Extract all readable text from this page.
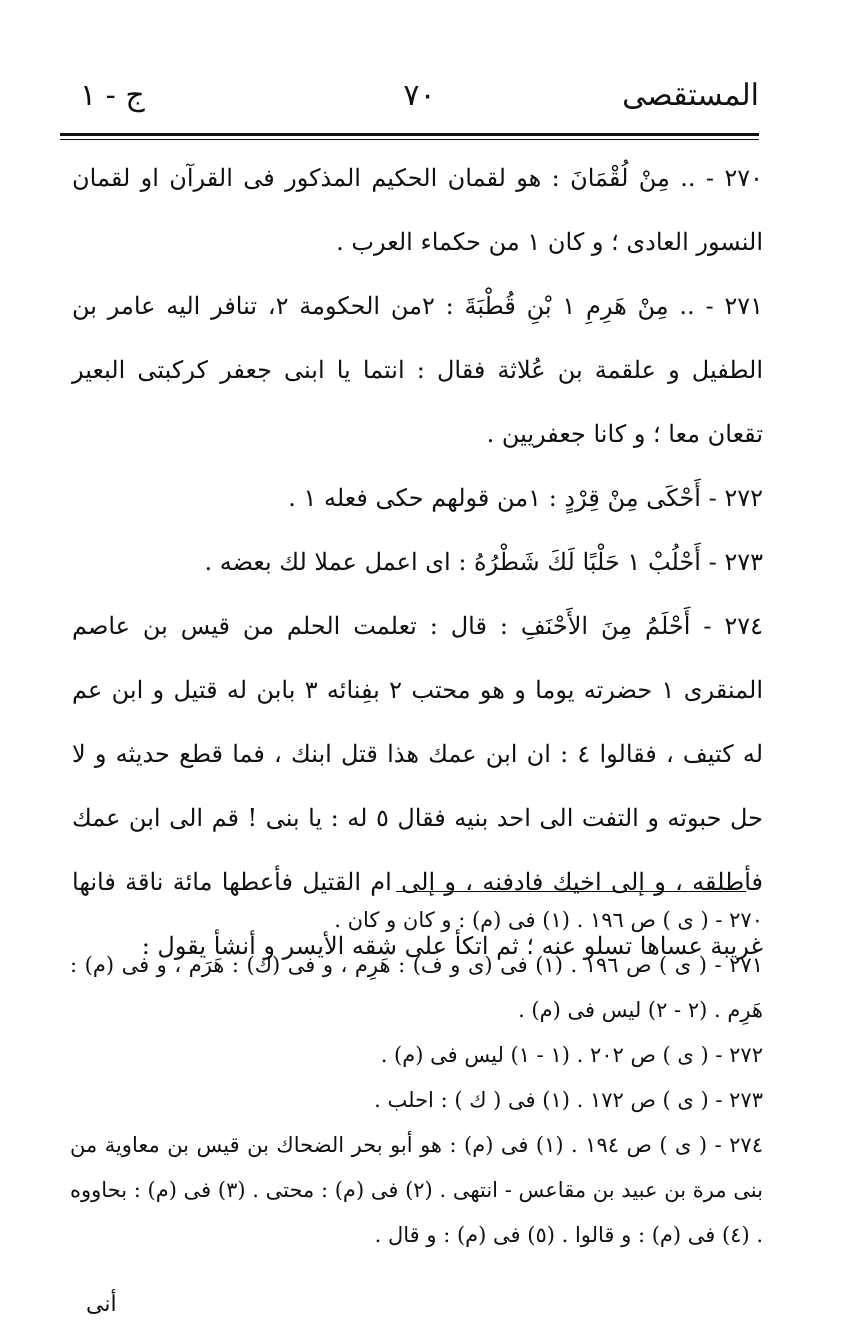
المستقصى
٧٠
ج - ١

٢٧٠ - .. مِنْ لُقْمَانَ : هو لقمان الحكيم المذكور فى القرآن او لقمان النسور العادى ؛ و كان ١ من حكماء العرب .

٢٧١ - .. مِنْ هَرِمِ ١ بْنِ قُطْبَةَ : ٢من الحكومة ٢، تنافر اليه عامر بن الطفيل و علقمة بن عُلاثة فقال : انتما يا ابنى جعفر كركبتى البعير تقعان معا ؛ و كانا جعفريين .

٢٧٢ - أَحْكَى مِنْ قِرْدٍ : ١من قولهم حكى فعله ١ .

٢٧٣ - أَحْلُبْ ١ حَلْبًا لَكَ شَطْرُهُ : اى اعمل عملا لك بعضه .

٢٧٤ - أَحْلَمُ مِنَ الأَحْنَفِ : قال : تعلمت الحلم من قيس بن عاصم المنقرى ١ حضرته يوما و هو محتب ٢ بفِنائه ٣ بابن له قتيل و ابن عم له كتيف ، فقالوا ٤ : ان ابن عمك هذا قتل ابنك ، فما قطع حديثه و لا حل حبوته و التفت الى احد بنيه فقال ٥ له : يا بنى ! قم الى ابن عمك فأطلقه ، و إلى اخيك فادفنه ، و إلى ام القتيل فأعطها مائة ناقة فانها غريبة عساها تسلو عنه ؛ ثم اتكأ على شقه الأيسر و أنشأ يقول :

٢٧٠ - ( ى ) ص ١٩٦ . (١) فى (م) : و كان و كان .

٢٧١ - ( ى ) ص ١٩٦ . (١) فى (ى و ف) : هَرِم ، و فى (ك) : هَرَم ، و فى (م) : هَرِم . (٢ - ٢) ليس فى (م) .

٢٧٢ - ( ى ) ص ٢٠٢ . (١ - ١) ليس فى (م) .

٢٧٣ - ( ى ) ص ١٧٢ . (١) فى ( ك ) : احلب .

٢٧٤ - ( ى ) ص ١٩٤ . (١) فى (م) : هو أبو بحر الضحاك بن قيس بن معاوية من بنى مرة بن عبيد بن مقاعس - انتهى . (٢) فى (م) : محتى . (٣) فى (م) : بحاووه . (٤) فى (م) : و قالوا . (٥) فى (م) : و قال .

أنى
